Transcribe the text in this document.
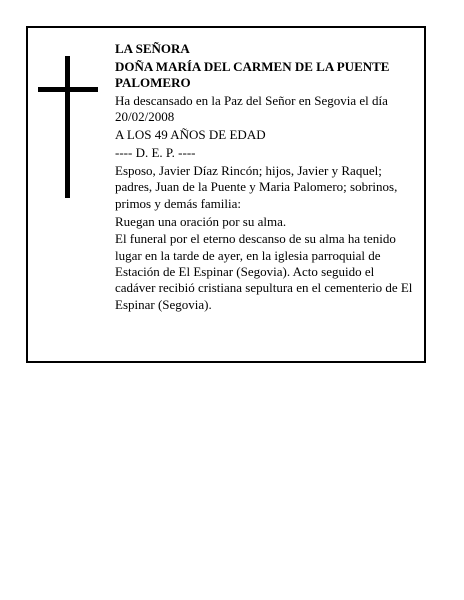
LA SEÑORA

DOÑA MARÍA DEL CARMEN DE LA PUENTE PALOMERO

Ha descansado en la Paz del Señor en Segovia el día 20/02/2008

A LOS 49 AÑOS DE EDAD

---- D. E. P. ----

Esposo, Javier Díaz Rincón; hijos, Javier y Raquel; padres, Juan de la Puente y Maria Palomero; sobrinos, primos y demás familia:

Ruegan una oración por su alma.

El funeral por el eterno descanso de su alma ha tenido lugar en la tarde de ayer, en la iglesia parroquial de Estación de El Espinar (Segovia). Acto seguido el cadáver recibió cristiana sepultura en el cementerio de El Espinar (Segovia).
